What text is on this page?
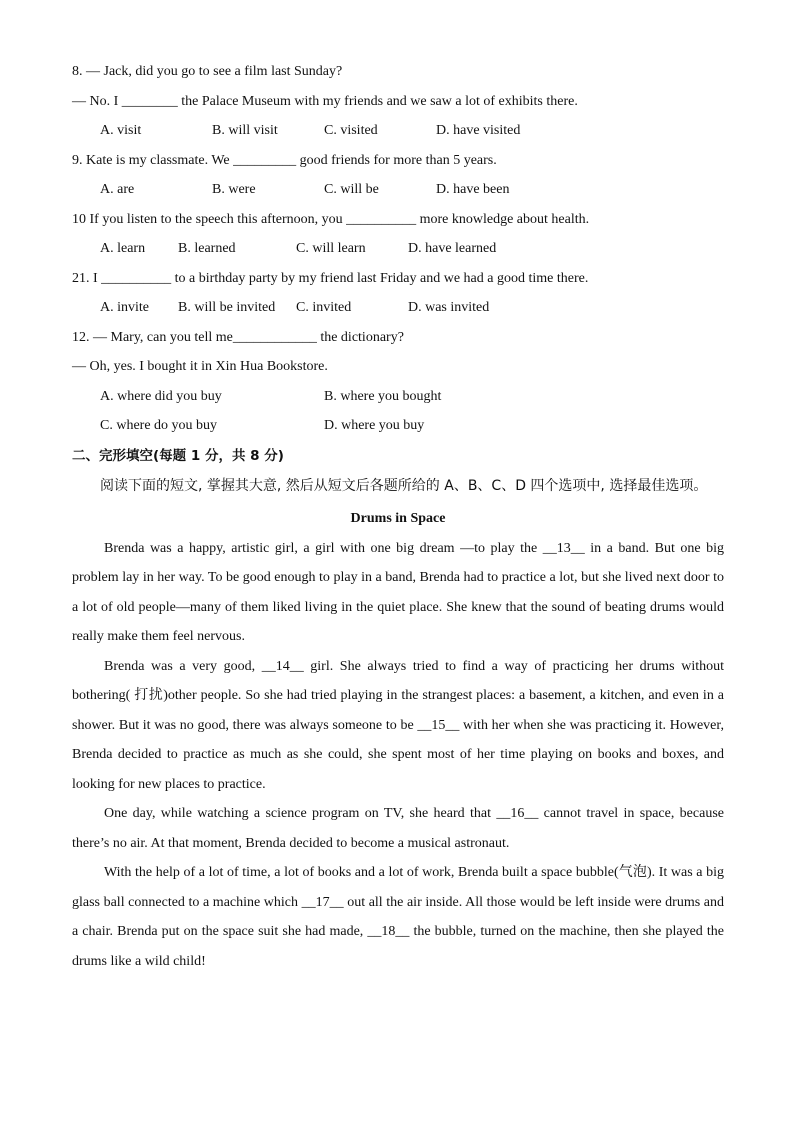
8. — Jack, did you go to see a film last Sunday?
— No. I ________ the Palace Museum with my friends and we saw a lot of exhibits there.
A. visit	B. will visit	C. visited	D. have visited
9. Kate is my classmate. We _________ good friends for more than 5 years.
A. are	B. were	C. will be	D. have been
10 If you listen to the speech this afternoon, you __________ more knowledge about health.
A. learn B. learned	C. will learn	D. have learned
21. I __________ to a birthday party by my friend last Friday and we had a good time there.
A. invite B. will be invited C. invited	D. was invited
12. — Mary, can you tell me____________ the dictionary?
— Oh, yes. I bought it in Xin Hua Bookstore.
A. where did you buy	B. where you bought
C. where do you buy	D. where you buy
二、完形填空(每题 1 分，共 8 分)

阅读下面的短文, 掌握其大意, 然后从短文后各题所给的 A、B、C、D 四个选项中, 选择最佳选项。

Drums in Space

Brenda was a happy, artistic girl, a girl with one big dream —to play the __13__ in a band. But one big problem lay in her way. To be good enough to play in a band, Brenda had to practice a lot, but she lived next door to a lot of old people—many of them liked living in the quiet place. She knew that the sound of beating drums would really make them feel nervous.

Brenda was a very good, __14__ girl. She always tried to find a way of practicing her drums without bothering( 打扰)other people. So she had tried playing in the strangest places: a basement, a kitchen, and even in a shower. But it was no good, there was always someone to be __15__ with her when she was practicing it. However, Brenda decided to practice as much as she could, she spent most of her time playing on books and boxes, and looking for new places to practice.

One day, while watching a science program on TV, she heard that __16__ cannot travel in space, because there’s no air. At that moment, Brenda decided to become a musical astronaut.

With the help of a lot of time, a lot of books and a lot of work, Brenda built a space bubble(气泡). It was a big glass ball connected to a machine which __17__ out all the air inside. All those would be left inside were drums and a chair. Brenda put on the space suit she had made, __18__ the bubble, turned on the machine, then she played the drums like a wild child!
